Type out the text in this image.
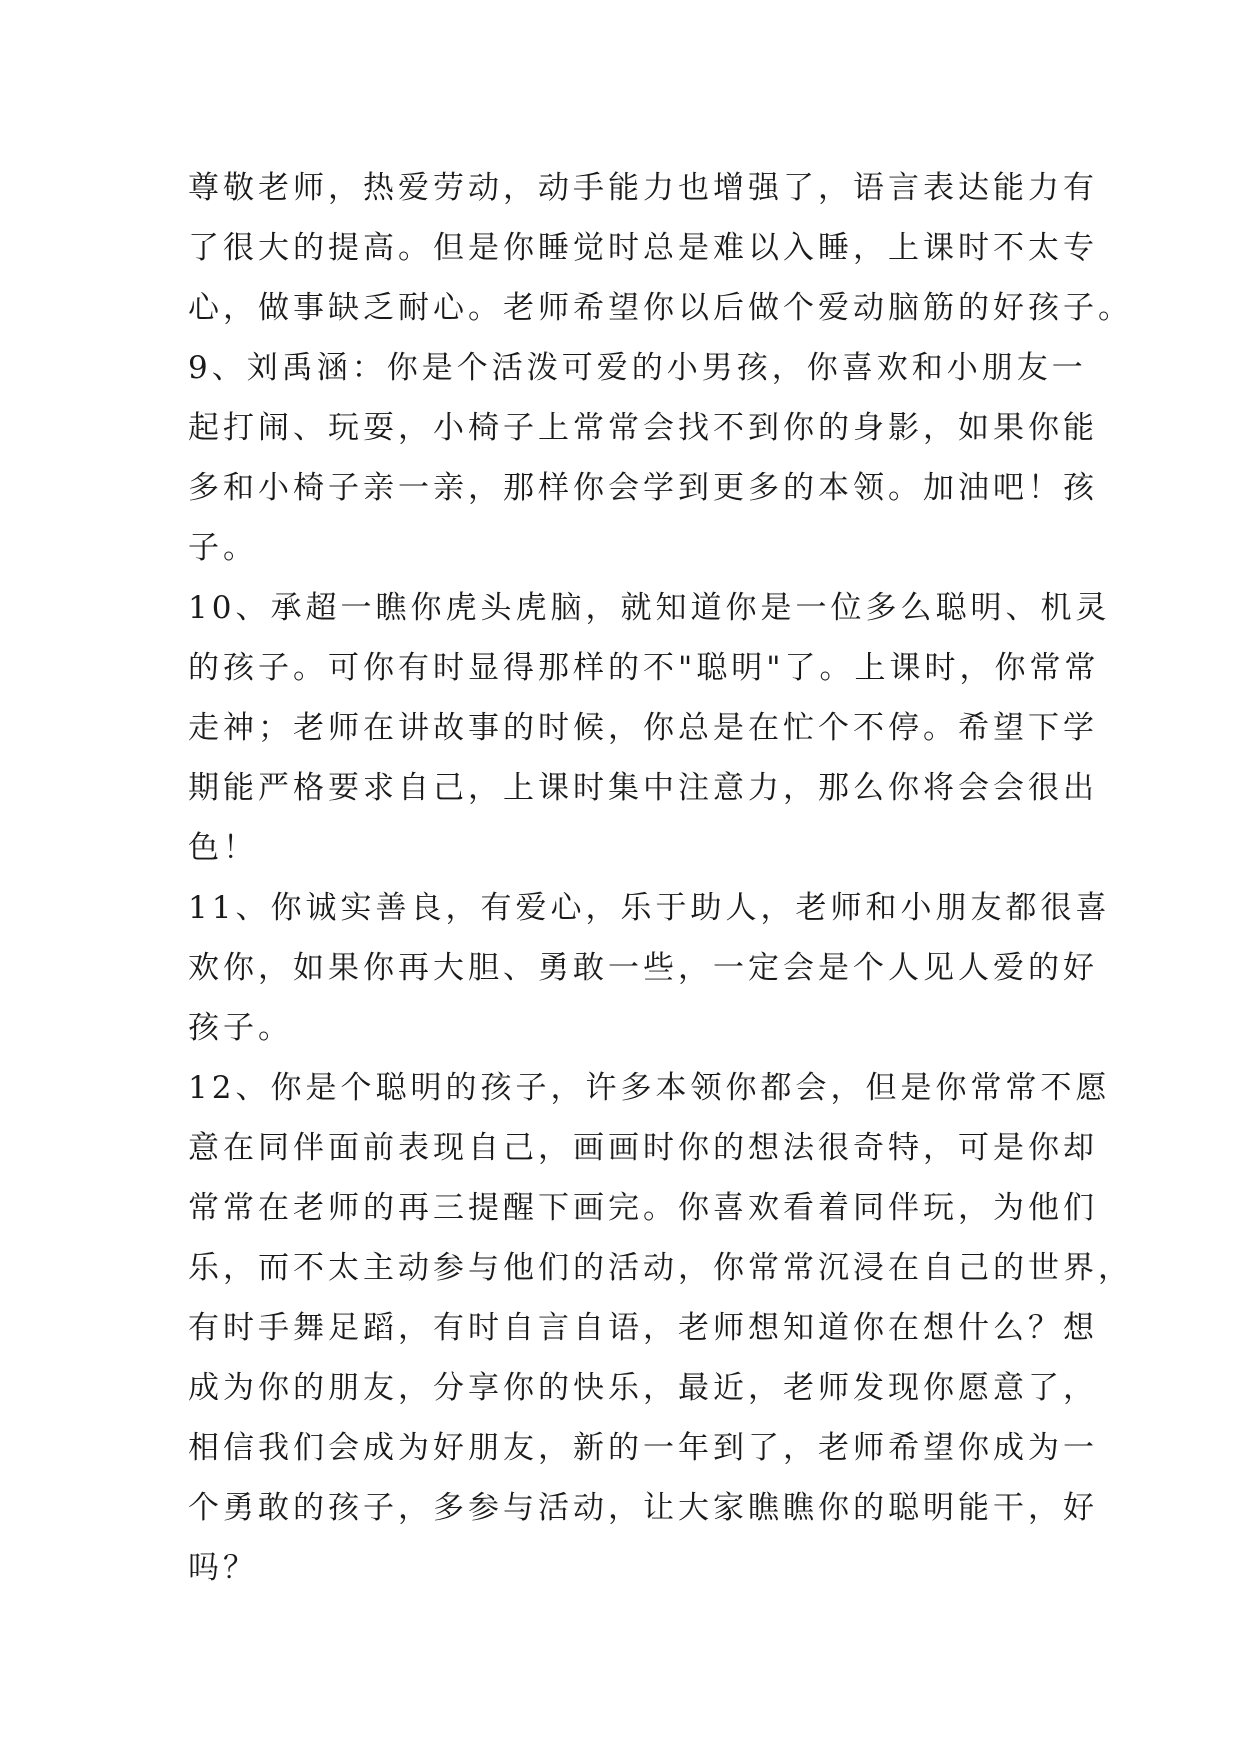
尊敬老师，热爱劳动，动手能力也增强了，语言表达能力有
了很大的提高。但是你睡觉时总是难以入睡，上课时不太专
心，做事缺乏耐心。老师希望你以后做个爱动脑筋的好孩子。
9、刘禹涵：你是个活泼可爱的小男孩，你喜欢和小朋友一
起打闹、玩耍，小椅子上常常会找不到你的身影，如果你能
多和小椅子亲一亲，那样你会学到更多的本领。加油吧！孩
子。
10、承超一瞧你虎头虎脑，就知道你是一位多么聪明、机灵
的孩子。可你有时显得那样的不"聪明"了。上课时，你常常
走神；老师在讲故事的时候，你总是在忙个不停。希望下学
期能严格要求自己，上课时集中注意力，那么你将会会很出
色！
11、你诚实善良，有爱心，乐于助人，老师和小朋友都很喜
欢你，如果你再大胆、勇敢一些，一定会是个人见人爱的好
孩子。
12、你是个聪明的孩子，许多本领你都会，但是你常常不愿
意在同伴面前表现自己，画画时你的想法很奇特，可是你却
常常在老师的再三提醒下画完。你喜欢看着同伴玩，为他们
乐，而不太主动参与他们的活动，你常常沉浸在自己的世界，
有时手舞足蹈，有时自言自语，老师想知道你在想什么？想
成为你的朋友，分享你的快乐，最近，老师发现你愿意了，
相信我们会成为好朋友，新的一年到了，老师希望你成为一
个勇敢的孩子，多参与活动，让大家瞧瞧你的聪明能干，好
吗？
